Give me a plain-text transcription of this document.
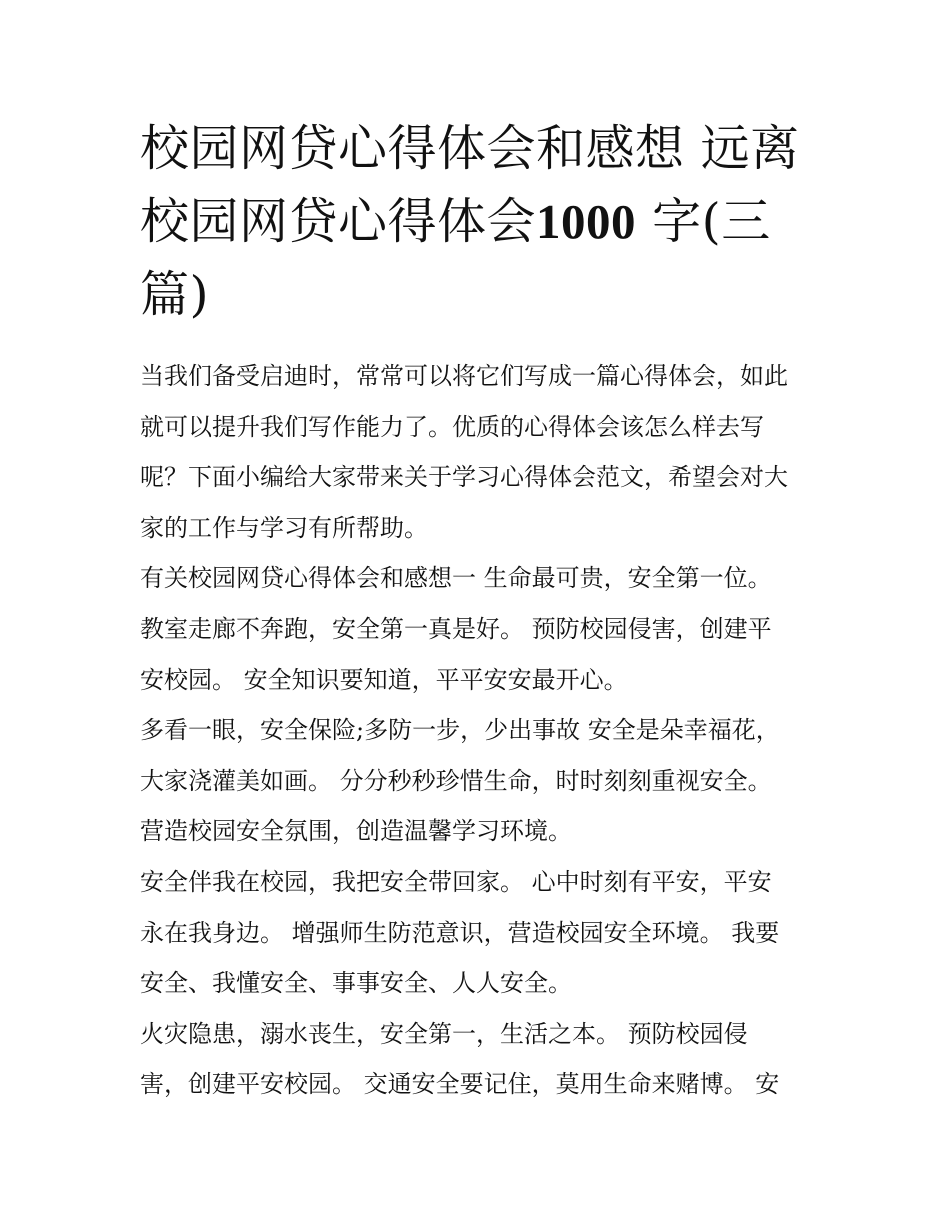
校园网贷心得体会和感想 远离
校园网贷心得体会1000 字(三
篇)
当我们备受启迪时，常常可以将它们写成一篇心得体会，如此
就可以提升我们写作能力了。优质的心得体会该怎么样去写
呢？下面小编给大家带来关于学习心得体会范文，希望会对大
家的工作与学习有所帮助。
有关校园网贷心得体会和感想一 生命最可贵，安全第一位。
教室走廊不奔跑，安全第一真是好。 预防校园侵害，创建平
安校园。 安全知识要知道，平平安安最开心。
多看一眼，安全保险;多防一步，少出事故 安全是朵幸福花，
大家浇灌美如画。 分分秒秒珍惜生命，时时刻刻重视安全。
营造校园安全氛围，创造温馨学习环境。
安全伴我在校园，我把安全带回家。 心中时刻有平安，平安
永在我身边。 增强师生防范意识，营造校园安全环境。 我要
安全、我懂安全、事事安全、人人安全。
火灾隐患，溺水丧生，安全第一，生活之本。 预防校园侵
害，创建平安校园。 交通安全要记住，莫用生命来赌博。 安
